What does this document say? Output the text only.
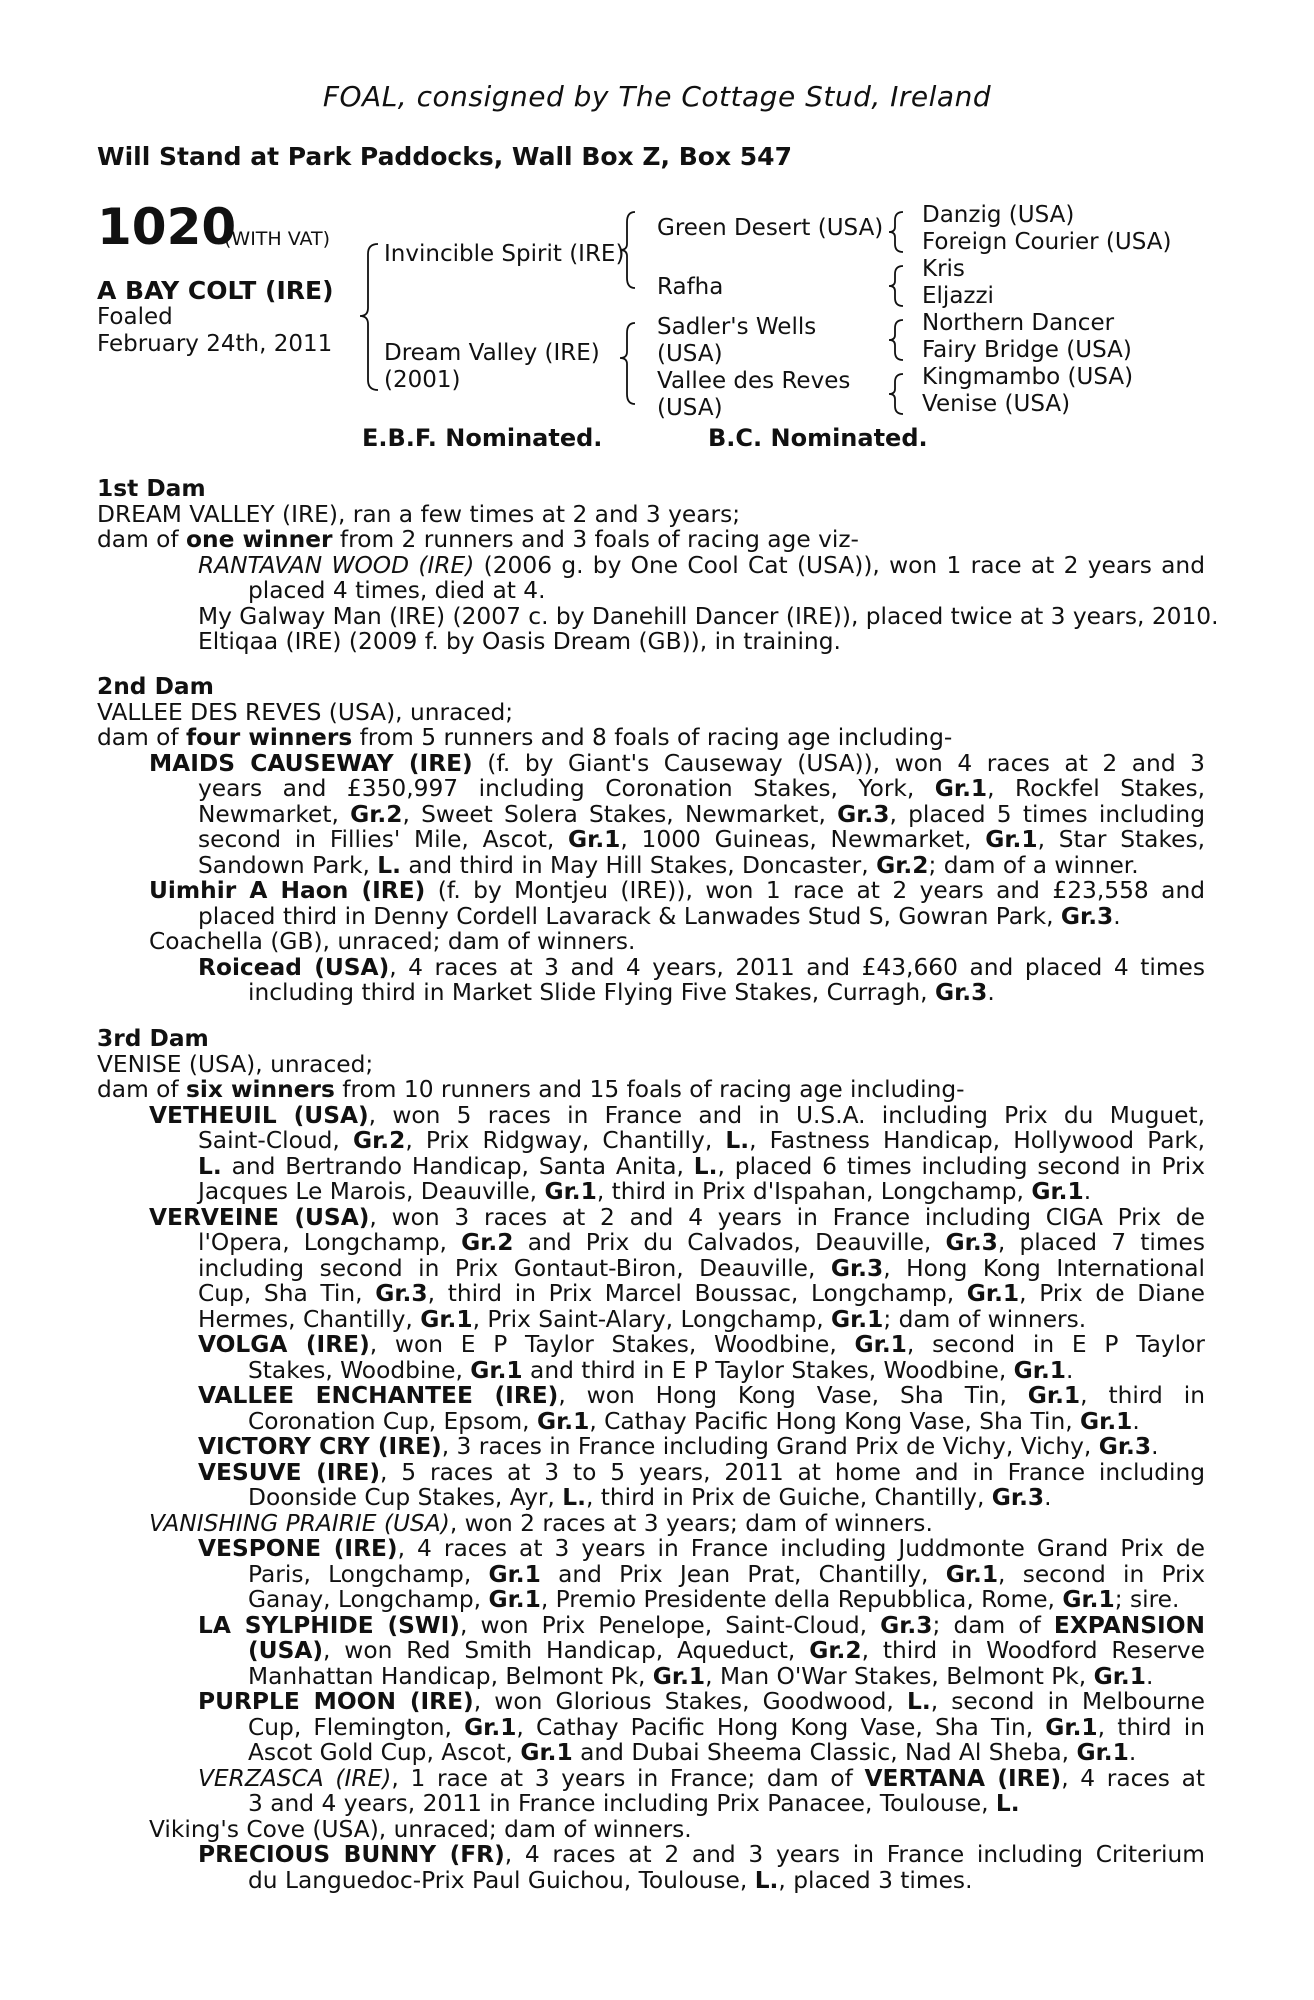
FOAL, consigned by The Cottage Stud, Ireland
Will Stand at Park Paddocks, Wall Box Z, Box 547
1020
(WITH VAT)
A BAY COLT (IRE)
Foaled
February 24th, 2011
Invincible Spirit (IRE)
Dream Valley (IRE)
(2001)
Green Desert (USA)
Rafha
Sadler's Wells
(USA)
Vallee des Reves
(USA)
Danzig (USA)
Foreign Courier (USA)
Kris
Eljazzi
Northern Dancer
Fairy Bridge (USA)
Kingmambo (USA)
Venise (USA)
E.B.F. Nominated.	B.C. Nominated.

1st Dam

DREAM VALLEY (IRE), ran a few times at 2 and 3 years;

dam of one winner from 2 runners and 3 foals of racing age viz-

RANTAVAN WOOD (IRE) (2006 g. by One Cool Cat (USA)), won 1 race at 2 years and

placed 4 times, died at 4.

My Galway Man (IRE) (2007 c. by Danehill Dancer (IRE)), placed twice at 3 years, 2010.

Eltiqaa (IRE) (2009 f. by Oasis Dream (GB)), in training.

2nd Dam

VALLEE DES REVES (USA), unraced;

dam of four winners from 5 runners and 8 foals of racing age including-

MAIDS CAUSEWAY (IRE) (f. by Giant's Causeway (USA)), won 4 races at 2 and 3

years and £350,997 including Coronation Stakes, York, Gr.1, Rockfel Stakes,

Newmarket, Gr.2, Sweet Solera Stakes, Newmarket, Gr.3, placed 5 times including

second in Fillies' Mile, Ascot, Gr.1, 1000 Guineas, Newmarket, Gr.1, Star Stakes,

Sandown Park, L. and third in May Hill Stakes, Doncaster, Gr.2; dam of a winner.

Uimhir A Haon (IRE) (f. by Montjeu (IRE)), won 1 race at 2 years and £23,558 and

placed third in Denny Cordell Lavarack & Lanwades Stud S, Gowran Park, Gr.3.

Coachella (GB), unraced; dam of winners.

Roicead (USA), 4 races at 3 and 4 years, 2011 and £43,660 and placed 4 times

including third in Market Slide Flying Five Stakes, Curragh, Gr.3.

3rd Dam

VENISE (USA), unraced;

dam of six winners from 10 runners and 15 foals of racing age including-

VETHEUIL (USA), won 5 races in France and in U.S.A. including Prix du Muguet,

Saint-Cloud, Gr.2, Prix Ridgway, Chantilly, L., Fastness Handicap, Hollywood Park,

L. and Bertrando Handicap, Santa Anita, L., placed 6 times including second in Prix

Jacques Le Marois, Deauville, Gr.1, third in Prix d'Ispahan, Longchamp, Gr.1.

VERVEINE (USA), won 3 races at 2 and 4 years in France including CIGA Prix de

l'Opera, Longchamp, Gr.2 and Prix du Calvados, Deauville, Gr.3, placed 7 times

including second in Prix Gontaut-Biron, Deauville, Gr.3, Hong Kong International

Cup, Sha Tin, Gr.3, third in Prix Marcel Boussac, Longchamp, Gr.1, Prix de Diane

Hermes, Chantilly, Gr.1, Prix Saint-Alary, Longchamp, Gr.1; dam of winners.

VOLGA (IRE), won E P Taylor Stakes, Woodbine, Gr.1, second in E P Taylor

Stakes, Woodbine, Gr.1 and third in E P Taylor Stakes, Woodbine, Gr.1.

VALLEE ENCHANTEE (IRE), won Hong Kong Vase, Sha Tin, Gr.1, third in

Coronation Cup, Epsom, Gr.1, Cathay Pacific Hong Kong Vase, Sha Tin, Gr.1.

VICTORY CRY (IRE), 3 races in France including Grand Prix de Vichy, Vichy, Gr.3.

VESUVE (IRE), 5 races at 3 to 5 years, 2011 at home and in France including

Doonside Cup Stakes, Ayr, L., third in Prix de Guiche, Chantilly, Gr.3.

VANISHING PRAIRIE (USA), won 2 races at 3 years; dam of winners.

VESPONE (IRE), 4 races at 3 years in France including Juddmonte Grand Prix de

Paris, Longchamp, Gr.1 and Prix Jean Prat, Chantilly, Gr.1, second in Prix

Ganay, Longchamp, Gr.1, Premio Presidente della Repubblica, Rome, Gr.1; sire.

LA SYLPHIDE (SWI), won Prix Penelope, Saint-Cloud, Gr.3; dam of EXPANSION

(USA), won Red Smith Handicap, Aqueduct, Gr.2, third in Woodford Reserve

Manhattan Handicap, Belmont Pk, Gr.1, Man O'War Stakes, Belmont Pk, Gr.1.

PURPLE MOON (IRE), won Glorious Stakes, Goodwood, L., second in Melbourne

Cup, Flemington, Gr.1, Cathay Pacific Hong Kong Vase, Sha Tin, Gr.1, third in

Ascot Gold Cup, Ascot, Gr.1 and Dubai Sheema Classic, Nad Al Sheba, Gr.1.

VERZASCA (IRE), 1 race at 3 years in France; dam of VERTANA (IRE), 4 races at

3 and 4 years, 2011 in France including Prix Panacee, Toulouse, L.

Viking's Cove (USA), unraced; dam of winners.

PRECIOUS BUNNY (FR), 4 races at 2 and 3 years in France including Criterium

du Languedoc-Prix Paul Guichou, Toulouse, L., placed 3 times.
